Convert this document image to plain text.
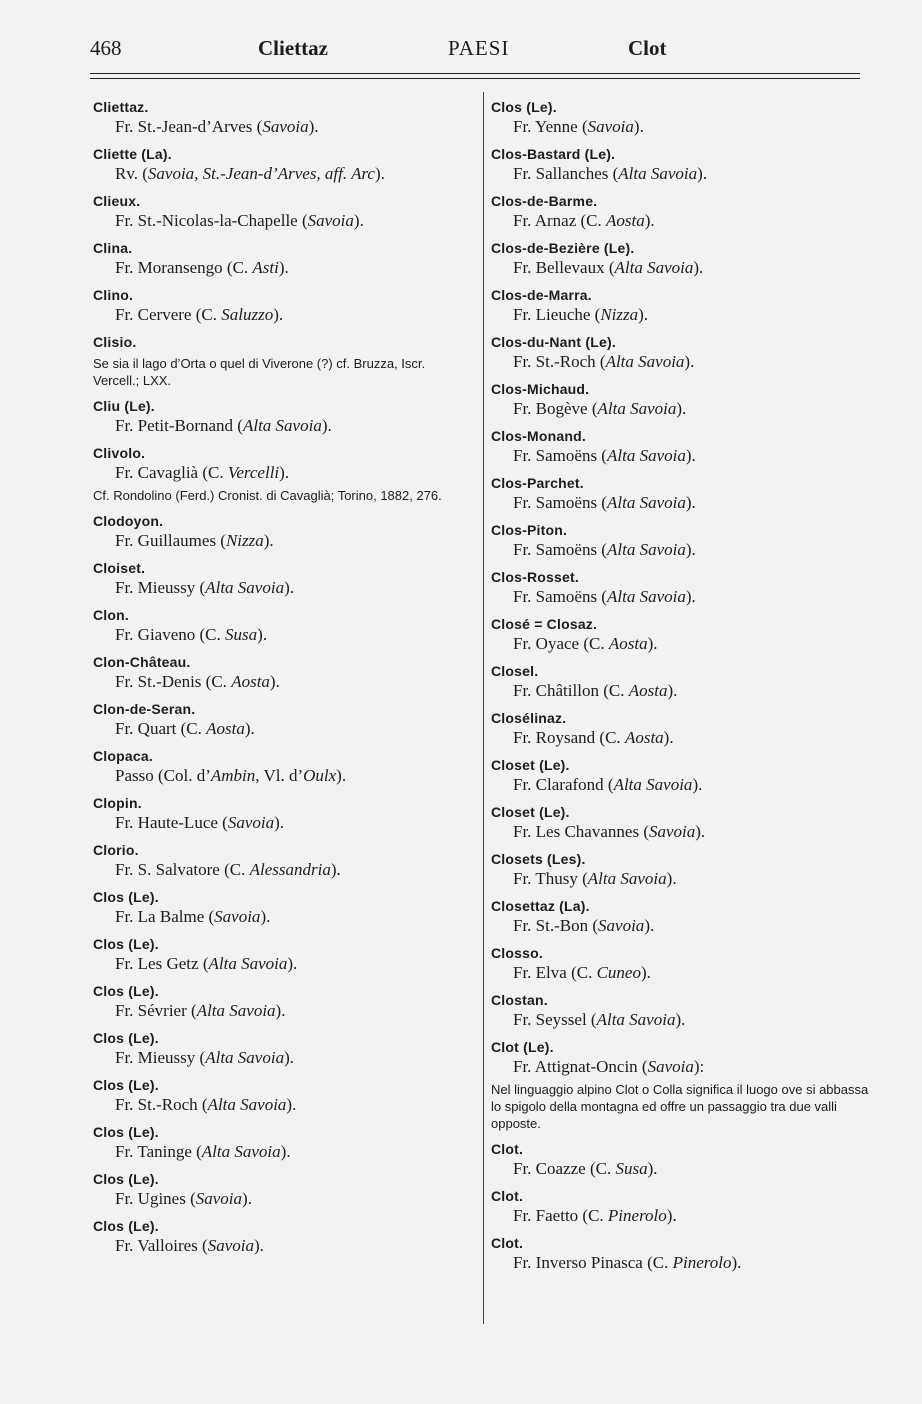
468	Cliettaz	PAESI	Clot
Cliettaz.
Fr. St.-Jean-d’Arves (Savoia).
Cliette (La).
Rv. (Savoia, St.-Jean-d’Arves, aff. Arc).
Clieux.
Fr. St.-Nicolas-la-Chapelle (Savoia).
Clina.
Fr. Moransengo (C. Asti).
Clino.
Fr. Cervere (C. Saluzzo).
Clisio.
Se sia il lago d’Orta o quel di Viverone (?) cf. Bruzza, Iscr. Vercell.; LXX.
Cliu (Le).
Fr. Petit-Bornand (Alta Savoia).
Clivolo.
Fr. Cavaglià (C. Vercelli).
Cf. Rondolino (Ferd.) Cronist. di Cavaglià; Torino, 1882, 276.
Clodoyon.
Fr. Guillaumes (Nizza).
Cloiset.
Fr. Mieussy (Alta Savoia).
Clon.
Fr. Giaveno (C. Susa).
Clon-Château.
Fr. St.-Denis (C. Aosta).
Clon-de-Seran.
Fr. Quart (C. Aosta).
Clopaca.
Passo (Col. d’Ambin, Vl. d’Oulx).
Clopin.
Fr. Haute-Luce (Savoia).
Clorio.
Fr. S. Salvatore (C. Alessandria).
Clos (Le).
Fr. La Balme (Savoia).
Clos (Le).
Fr. Les Getz (Alta Savoia).
Clos (Le).
Fr. Sévrier (Alta Savoia).
Clos (Le).
Fr. Mieussy (Alta Savoia).
Clos (Le).
Fr. St.-Roch (Alta Savoia).
Clos (Le).
Fr. Taninge (Alta Savoia).
Clos (Le).
Fr. Ugines (Savoia).
Clos (Le).
Fr. Valloires (Savoia).
Clos (Le).
Fr. Yenne (Savoia).
Clos-Bastard (Le).
Fr. Sallanches (Alta Savoia).
Clos-de-Barme.
Fr. Arnaz (C. Aosta).
Clos-de-Bezière (Le).
Fr. Bellevaux (Alta Savoia).
Clos-de-Marra.
Fr. Lieuche (Nizza).
Clos-du-Nant (Le).
Fr. St.-Roch (Alta Savoia).
Clos-Michaud.
Fr. Bogève (Alta Savoia).
Clos-Monand.
Fr. Samoëns (Alta Savoia).
Clos-Parchet.
Fr. Samoëns (Alta Savoia).
Clos-Piton.
Fr. Samoëns (Alta Savoia).
Clos-Rosset.
Fr. Samoëns (Alta Savoia).
Closé = Closaz.
Fr. Oyace (C. Aosta).
Closel.
Fr. Châtillon (C. Aosta).
Closélinaz.
Fr. Roysand (C. Aosta).
Closet (Le).
Fr. Clarafond (Alta Savoia).
Closet (Le).
Fr. Les Chavannes (Savoia).
Closets (Les).
Fr. Thusy (Alta Savoia).
Closettaz (La).
Fr. St.-Bon (Savoia).
Closso.
Fr. Elva (C. Cuneo).
Clostan.
Fr. Seyssel (Alta Savoia).
Clot (Le).
Fr. Attignat-Oncin (Savoia):
Nel linguaggio alpino Clot o Colla significa il luogo ove si abbassa lo spigolo della montagna ed offre un passaggio tra due valli opposte.
Clot.
Fr. Coazze (C. Susa).
Clot.
Fr. Faetto (C. Pinerolo).
Clot.
Fr. Inverso Pinasca (C. Pinerolo).
